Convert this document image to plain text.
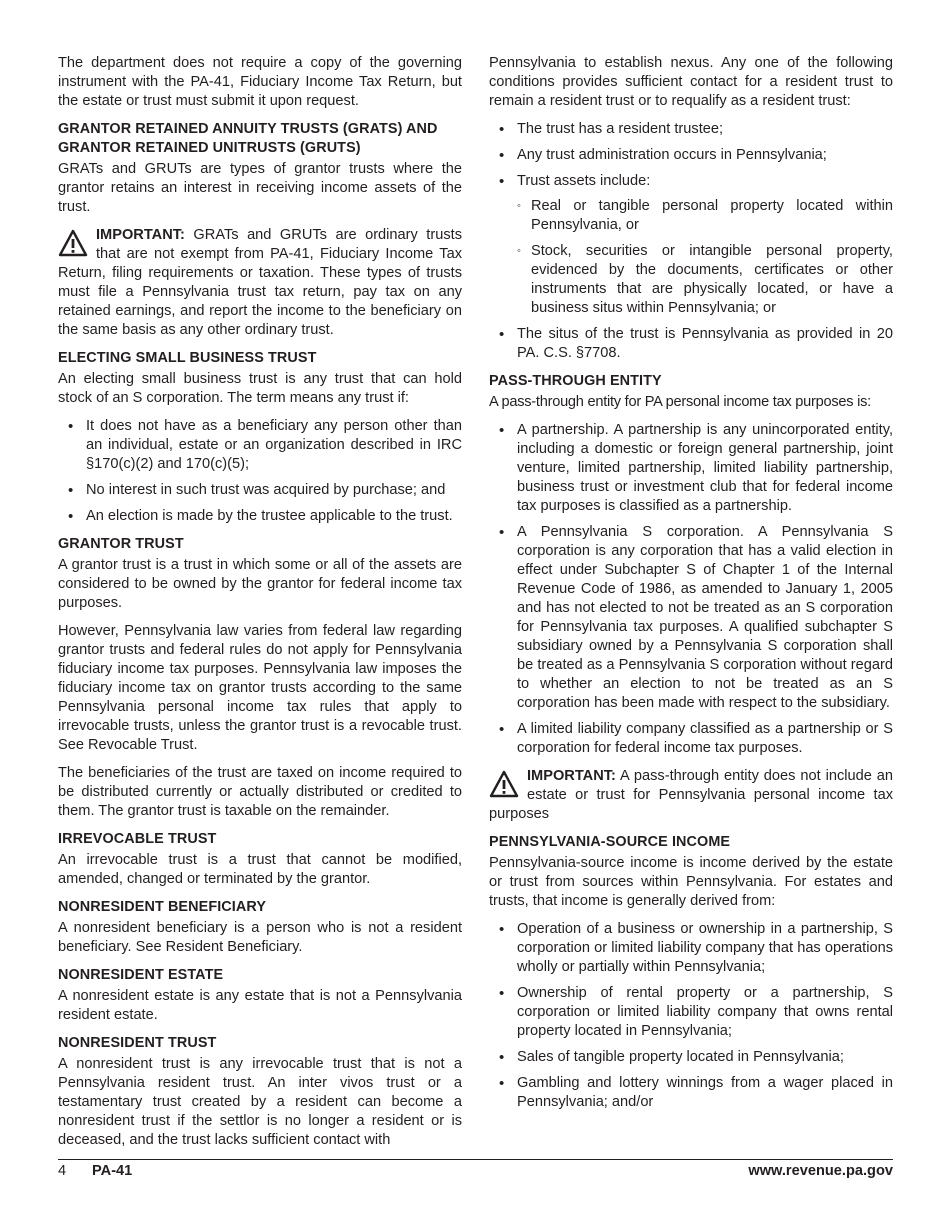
The department does not require a copy of the governing instrument with the PA-41, Fiduciary Income Tax Return, but the estate or trust must submit it upon request.

GRANTOR RETAINED ANNUITY TRUSTS (GRATS) AND GRANTOR RETAINED UNITRUSTS (GRUTS)

GRATs and GRUTs are types of grantor trusts where the grantor retains an interest in receiving income assets of the trust.

IMPORTANT: GRATs and GRUTs are ordinary trusts that are not exempt from PA-41, Fiduciary Income Tax Return, filing requirements or taxation. These types of trusts must file a Pennsylvania trust tax return, pay tax on any retained earnings, and report the income to the beneficiary on the same basis as any other ordinary trust.
ELECTING SMALL BUSINESS TRUST

An electing small business trust is any trust that can hold stock of an S corporation. The term means any trust if:

• It does not have as a beneficiary any person other than an individual, estate or an organization described in IRC §170(c)(2) and 170(c)(5);
• No interest in such trust was acquired by purchase; and
• An election is made by the trustee applicable to the trust.
GRANTOR TRUST

A grantor trust is a trust in which some or all of the assets are considered to be owned by the grantor for federal income tax purposes.

However, Pennsylvania law varies from federal law regarding grantor trusts and federal rules do not apply for Pennsylvania fiduciary income tax purposes. Pennsylvania law imposes the fiduciary income tax on grantor trusts according to the same Pennsylvania personal income tax rules that apply to irrevocable trusts, unless the grantor trust is a revocable trust. See Revocable Trust.

The beneficiaries of the trust are taxed on income required to be distributed currently or actually distributed or credited to them. The grantor trust is taxable on the remainder.

IRREVOCABLE TRUST

An irrevocable trust is a trust that cannot be modified, amended, changed or terminated by the grantor.

NONRESIDENT BENEFICIARY

A nonresident beneficiary is a person who is not a resident beneficiary. See Resident Beneficiary.

NONRESIDENT ESTATE

A nonresident estate is any estate that is not a Pennsylvania resident estate.

NONRESIDENT TRUST

A nonresident trust is any irrevocable trust that is not a Pennsylvania resident trust. An inter vivos trust or a testamentary trust created by a resident can become a nonresident trust if the settlor is no longer a resident or is deceased, and the trust lacks sufficient contact with

Pennsylvania to establish nexus. Any one of the following conditions provides sufficient contact for a resident trust to remain a resident trust or to requalify as a resident trust:

• The trust has a resident trustee;
• Any trust administration occurs in Pennsylvania;
• Trust assets include:
◦ Real or tangible personal property located within Pennsylvania, or
◦ Stock, securities or intangible personal property, evidenced by the documents, certificates or other instruments that are physically located, or have a business situs within Pennsylvania; or
• The situs of the trust is Pennsylvania as provided in 20 PA. C.S. §7708.
PASS-THROUGH ENTITY

A pass-through entity for PA personal income tax purposes is:

• A partnership. A partnership is any unincorporated entity, including a domestic or foreign general partnership, joint venture, limited partnership, limited liability partnership, business trust or investment club that for federal income tax purposes is classified as a partnership.
• A Pennsylvania S corporation. A Pennsylvania S corporation is any corporation that has a valid election in effect under Subchapter S of Chapter 1 of the Internal Revenue Code of 1986, as amended to January 1, 2005 and has not elected to not be treated as an S corporation for Pennsylvania tax purposes. A qualified subchapter S subsidiary owned by a Pennsylvania S corporation shall be treated as a Pennsylvania S corporation without regard to whether an election to not be treated as an S corporation has been made with respect to the subsidiary.
• A limited liability company classified as a partnership or S corporation for federal income tax purposes.
IMPORTANT: A pass-through entity does not include an estate or trust for Pennsylvania personal income tax purposes
PENNSYLVANIA-SOURCE INCOME

Pennsylvania-source income is income derived by the estate or trust from sources within Pennsylvania. For estates and trusts, that income is generally derived from:

• Operation of a business or ownership in a partnership, S corporation or limited liability company that has operations wholly or partially within Pennsylvania;
• Ownership of rental property or a partnership, S corporation or limited liability company that owns rental property located in Pennsylvania;
• Sales of tangible property located in Pennsylvania;
• Gambling and lottery winnings from a wager placed in Pennsylvania; and/or
4 PA-41	www.revenue.pa.gov
